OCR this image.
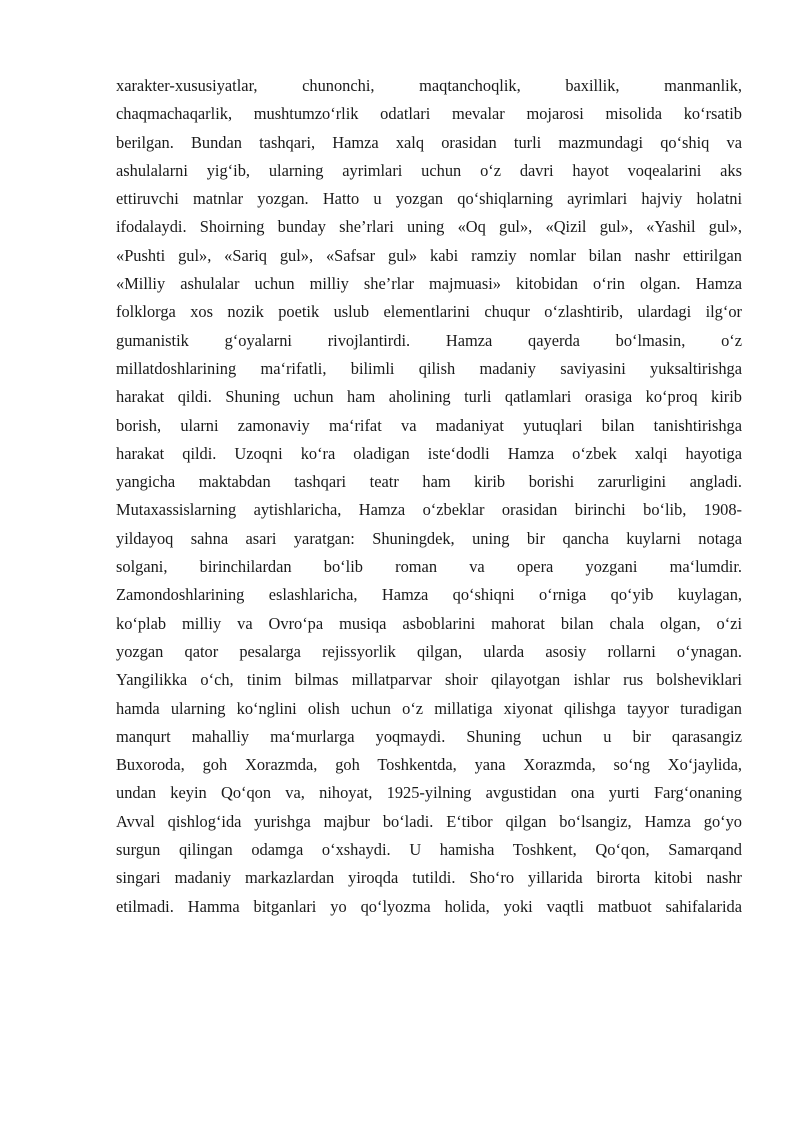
xarakter-xususiyatlar, chunonchi, maqtanchoqlik, baxillik, manmanlik,
chaqmachaqarlik, mushtumzo‘rlik odatlari mevalar mojarosi misolida ko‘rsatib
berilgan. Bundan tashqari, Hamza xalq orasidan turli mazmundagi qo‘shiq va
ashulalarni yig‘ib, ularning ayrimlari uchun o‘z davri hayot voqealarini aks
ettiruvchi matnlar yozgan. Hatto u yozgan qo‘shiqlarning ayrimlari hajviy holatni
ifodalaydi. Shoirning bunday she’rlari uning «Oq gul», «Qizil gul», «Yashil gul»,
«Pushti gul», «Sariq gul», «Safsar gul» kabi ramziy nomlar bilan nashr ettirilgan
«Milliy ashulalar uchun milliy she’rlar majmuasi» kitobidan o‘rin olgan. Hamza
folklorga xos nozik poetik uslub elementlarini chuqur o‘zlashtirib, ulardagi ilg‘or
gumanistik g‘oyalarni rivojlantirdi. Hamza qayerda bo‘lmasin, o‘z
millatdoshlarining ma‘rifatli, bilimli qilish madaniy saviyasini yuksaltirishga
harakat qildi. Shuning uchun ham aholining turli qatlamlari orasiga ko‘proq kirib
borish, ularni zamonaviy ma‘rifat va madaniyat yutuqlari bilan tanishtirishga
harakat qildi. Uzoqni ko‘ra oladigan iste‘dodli Hamza o‘zbek xalqi hayotiga
yangicha maktabdan tashqari teatr ham kirib borishi zarurligini angladi.
Mutaxassislarning aytishlaricha, Hamza o‘zbeklar orasidan birinchi bo‘lib, 1908-
yildayoq sahna asari yaratgan: Shuningdek, uning bir qancha kuylarni notaga
solgani, birinchilardan bo‘lib roman va opera yozgani ma‘lumdir.
Zamondoshlarining eslashlaricha, Hamza qo‘shiqni o‘rniga qo‘yib kuylagan,
ko‘plab milliy va Ovro‘pa musiqa asboblarini mahorat bilan chala olgan, o‘zi
yozgan qator pesalarga rejissyorlik qilgan, ularda asosiy rollarni o‘ynagan.
Yangilikka o‘ch, tinim bilmas millatparvar shoir qilayotgan ishlar rus bolsheviklari
hamda ularning ko‘nglini olish uchun o‘z millatiga xiyonat qilishga tayyor turadigan
manqurt mahalliy ma‘murlarga yoqmaydi. Shuning uchun u bir qarasangiz
Buxoroda, goh Xorazmda, goh Toshkentda, yana Xorazmda, so‘ng Xo‘jaylida,
undan keyin Qo‘qon va, nihoyat, 1925-yilning avgustidan ona yurti Farg‘onaning
Avval qishlog‘ida yurishga majbur bo‘ladi. E‘tibor qilgan bo‘lsangiz, Hamza go‘yo
surgun qilingan odamga o‘xshaydi. U hamisha Toshkent, Qo‘qon, Samarqand
singari madaniy markazlardan yiroqda tutildi. Sho‘ro yillarida birorta kitobi nashr
etilmadi. Hamma bitganlari yo qo‘lyozma holida, yoki vaqtli matbuot sahifalarida
